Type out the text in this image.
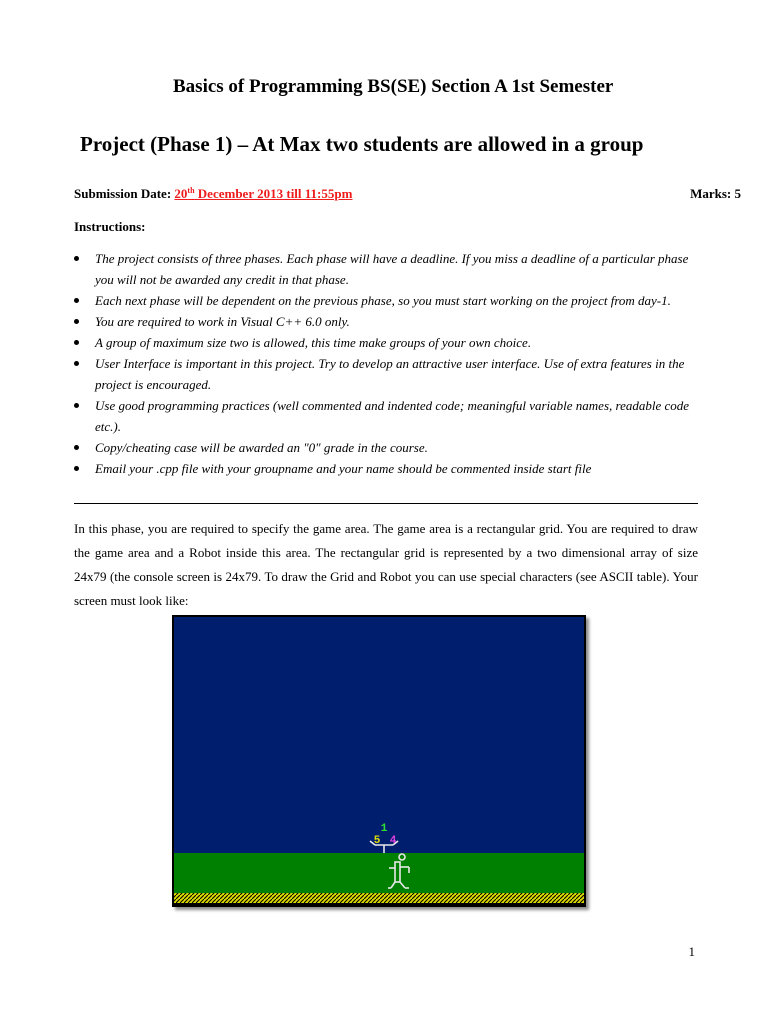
Basics of Programming BS(SE) Section A 1st Semester
Project (Phase 1) – At Max two students are allowed in a group
Submission Date: 20th December 2013 till 11:55pm	Marks: 5
Instructions:
The project consists of three phases. Each phase will have a deadline. If you miss a deadline of a particular phase you will not be awarded any credit in that phase.
Each next phase will be dependent on the previous phase, so you must start working on the project from day-1.
You are required to work in Visual C++ 6.0 only.
A group of maximum size two is allowed, this time make groups of your own choice.
User Interface is important in this project. Try to develop an attractive user interface. Use of extra features in the project is encouraged.
Use good programming practices (well commented and indented code; meaningful variable names, readable code etc.).
Copy/cheating case will be awarded an "0" grade in the course.
Email your .cpp file with your groupname and your name should be commented inside start file

In this phase, you are required to specify the game area. The game area is a rectangular grid. You are required to draw the game area and a Robot inside this area. The rectangular grid is represented by a two dimensional array of size 24x79 (the console screen is 24x79. To draw the Grid and Robot you can use special characters (see ASCII table). Your screen must look like:

1
5 4
1
